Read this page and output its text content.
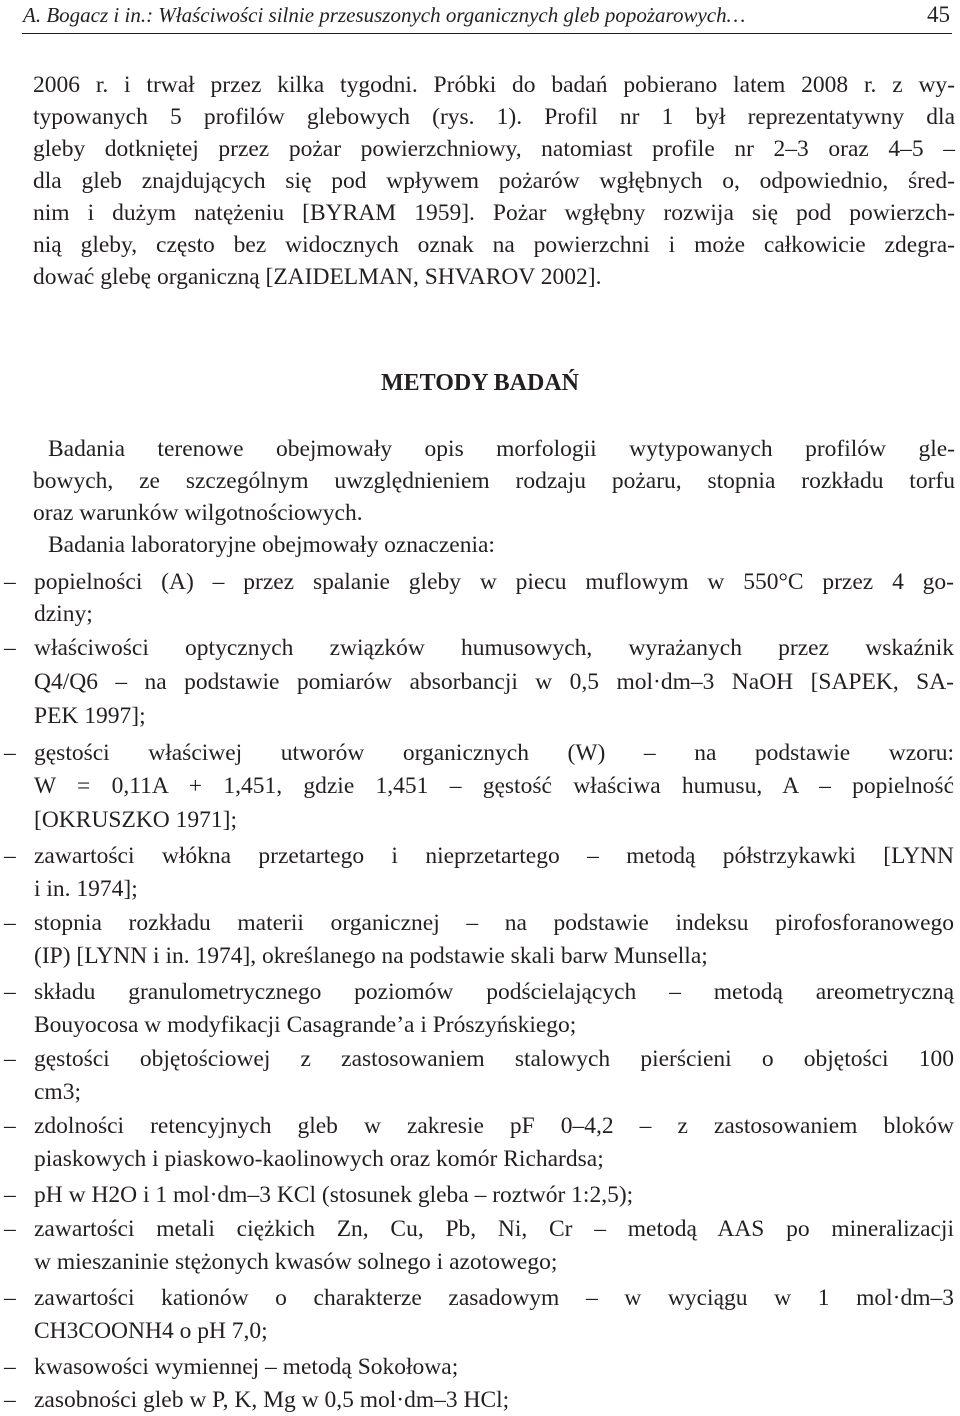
A. Bogacz i in.: Właściwości silnie przesuszonych organicznych gleb popożarowych…	45
2006 r. i trwał przez kilka tygodni. Próbki do badań pobierano latem 2008 r. z wy-
typowanych 5 profilów glebowych (rys. 1). Profil nr 1 był reprezentatywny dla
gleby dotkniętej przez pożar powierzchniowy, natomiast profile nr 2–3 oraz 4–5 –
dla gleb znajdujących się pod wpływem pożarów wgłębnych o, odpowiednio, śred-
nim i dużym natężeniu [BYRAM 1959]. Pożar wgłębny rozwija się pod powierzch-
nią gleby, często bez widocznych oznak na powierzchni i może całkowicie zdegra-
dować glebę organiczną [ZAIDELMAN, SHVAROV 2002].
METODY BADAŃ
Badania terenowe obejmowały opis morfologii wytypowanych profilów gle-
bowych, ze szczególnym uwzględnieniem rodzaju pożaru, stopnia rozkładu torfu
oraz warunków wilgotnościowych.
Badania laboratoryjne obejmowały oznaczenia:
– popielności (A) – przez spalanie gleby w piecu muflowym w 550°C przez 4 go-
dziny;
– właściwości optycznych związków humusowych, wyrażanych przez wskaźnik
Q4/Q6 – na podstawie pomiarów absorbancji w 0,5 mol·dm–3 NaOH [SAPEK, SA-
PEK 1997];
– gęstości właściwej utworów organicznych (W) – na podstawie wzoru:
W = 0,11A + 1,451, gdzie 1,451 – gęstość właściwa humusu, A – popielność
[OKRUSZKO 1971];
– zawartości włókna przetartego i nieprzetartego – metodą półstrzykawki [LYNN
i in. 1974];
– stopnia rozkładu materii organicznej – na podstawie indeksu pirofosforanowego
(IP) [LYNN i in. 1974], określanego na podstawie skali barw Munsella;
– składu granulometrycznego poziomów podścielających – metodą areometryczną
Bouyocosa w modyfikacji Casagrande’a i Prószyńskiego;
– gęstości objętościowej z zastosowaniem stalowych pierścieni o objętości 100
cm3;
– zdolności retencyjnych gleb w zakresie pF 0–4,2 – z zastosowaniem bloków
piaskowych i piaskowo-kaolinowych oraz komór Richardsa;
– pH w H2O i 1 mol·dm–3 KCl (stosunek gleba – roztwór 1:2,5);
– zawartości metali ciężkich Zn, Cu, Pb, Ni, Cr – metodą AAS po mineralizacji
w mieszaninie stężonych kwasów solnego i azotowego;
– zawartości kationów o charakterze zasadowym – w wyciągu w 1 mol·dm–3
CH3COONH4 o pH 7,0;
– kwasowości wymiennej – metodą Sokołowa;
– zasobności gleb w P, K, Mg w 0,5 mol·dm–3 HCl;
